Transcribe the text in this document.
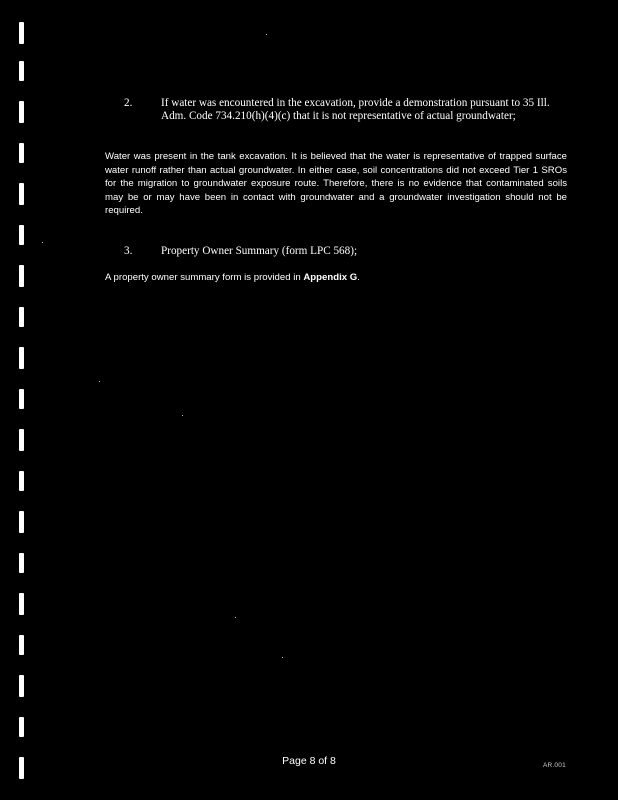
2.	If water was encountered in the excavation, provide a demonstration pursuant to 35 Ill. Adm. Code 734.210(h)(4)(c) that it is not representative of actual groundwater;
Water was present in the tank excavation. It is believed that the water is representative of trapped surface water runoff rather than actual groundwater. In either case, soil concentrations did not exceed Tier 1 SROs for the migration to groundwater exposure route. Therefore, there is no evidence that contaminated soils may be or may have been in contact with groundwater and a groundwater investigation should not be required.
3.	Property Owner Summary (form LPC 568);
A property owner summary form is provided in Appendix G.
Page 8 of 8	AR.001
